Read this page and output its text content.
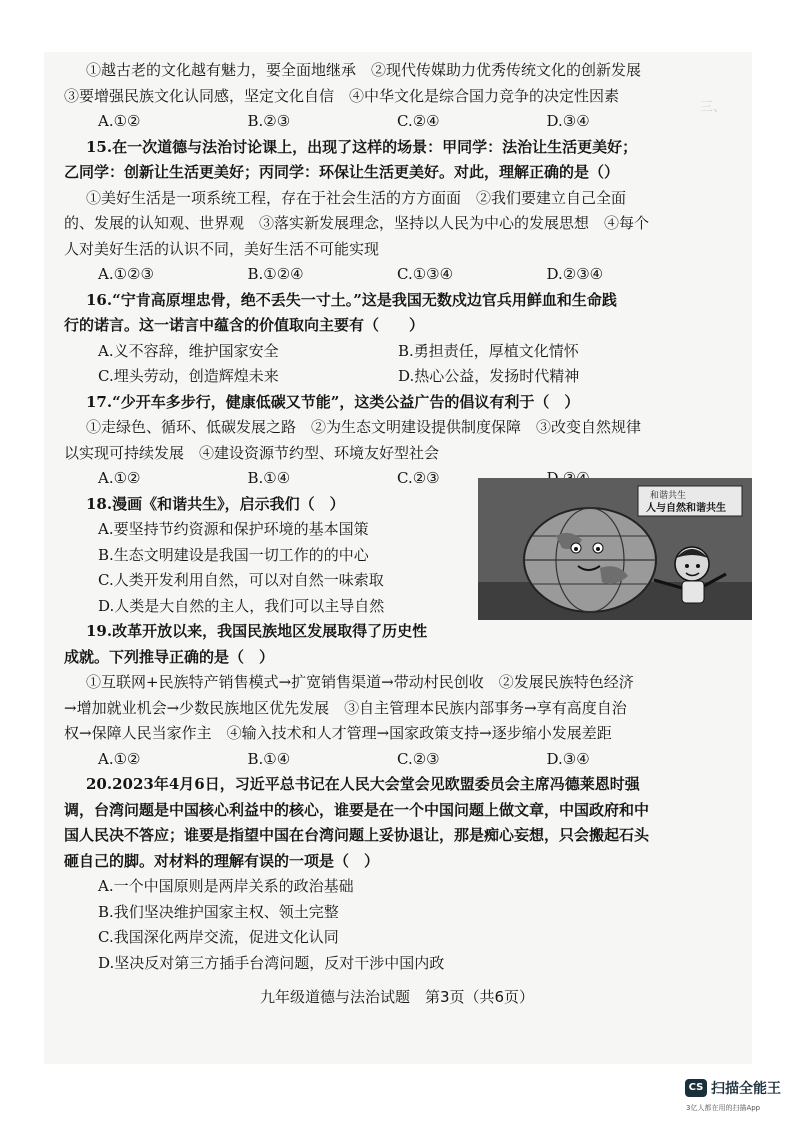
三、
①越古老的文化越有魅力，要全面地继承　②现代传媒助力优秀传统文化的创新发展
③要增强民族文化认同感，坚定文化自信　④中华文化是综合国力竞争的决定性因素
A.①②	B.②③	C.②④	D.③④
15.在一次道德与法治讨论课上，出现了这样的场景：甲同学：法治让生活更美好；
乙同学：创新让生活更美好；丙同学：环保让生活更美好。对此，理解正确的是（）
①美好生活是一项系统工程，存在于社会生活的方方面面　②我们要建立自己全面
的、发展的认知观、世界观　③落实新发展理念，坚持以人民为中心的发展思想　④每个
人对美好生活的认识不同，美好生活不可能实现
A.①②③	B.①②④	C.①③④	D.②③④
16.“宁肯高原埋忠骨，绝不丢失一寸土。”这是我国无数戍边官兵用鲜血和生命践
行的诺言。这一诺言中蕴含的价值取向主要有（　　）
A.义不容辞，维护国家安全	B.勇担责任，厚植文化情怀
C.埋头劳动，创造辉煌未来	D.热心公益，发扬时代精神
17.“少开车多步行，健康低碳又节能”，这类公益广告的倡议有利于（　）
①走绿色、循环、低碳发展之路　②为生态文明建设提供制度保障　③改变自然规律
以实现可持续发展　④建设资源节约型、环境友好型社会
A.①②	B.①④	C.②③
18.漫画《和谐共生》，启示我们（　）
A.要坚持节约资源和保护环境的基本国策
B.生态文明建设是我国一切工作的的中心
C.人类开发利用自然，可以对自然一味索取
D.人类是大自然的主人，我们可以主导自然
19.改革开放以来，我国民族地区发展取得了历史性
成就。下列推导正确的是（　）
①互联网+民族特产销售模式→扩宽销售渠道→带动村民创收　②发展民族特色经济
→增加就业机会→少数民族地区优先发展　③自主管理本民族内部事务→享有高度自治
权→保障人民当家作主　④输入技术和人才管理→国家政策支持→逐步缩小发展差距
A.①②	B.①④	C.②③	D.③④
20.2023年4月6日，习近平总书记在人民大会堂会见欧盟委员会主席冯德莱恩时强
调，台湾问题是中国核心利益中的核心，谁要是在一个中国问题上做文章，中国政府和中
国人民决不答应；谁要是指望中国在台湾问题上妥协退让，那是痴心妄想，只会搬起石头
砸自己的脚。对材料的理解有误的一项是（　）
A.一个中国原则是两岸关系的政治基础
B.我们坚决维护国家主权、领土完整
C.我国深化两岸交流，促进文化认同
D.坚决反对第三方插手台湾问题，反对干涉中国内政
和谐共生
人与自然和谐共生
九年级道德与法治试题　第3页（共6页）
CS 扫描全能王
3亿人都在用的扫描App
